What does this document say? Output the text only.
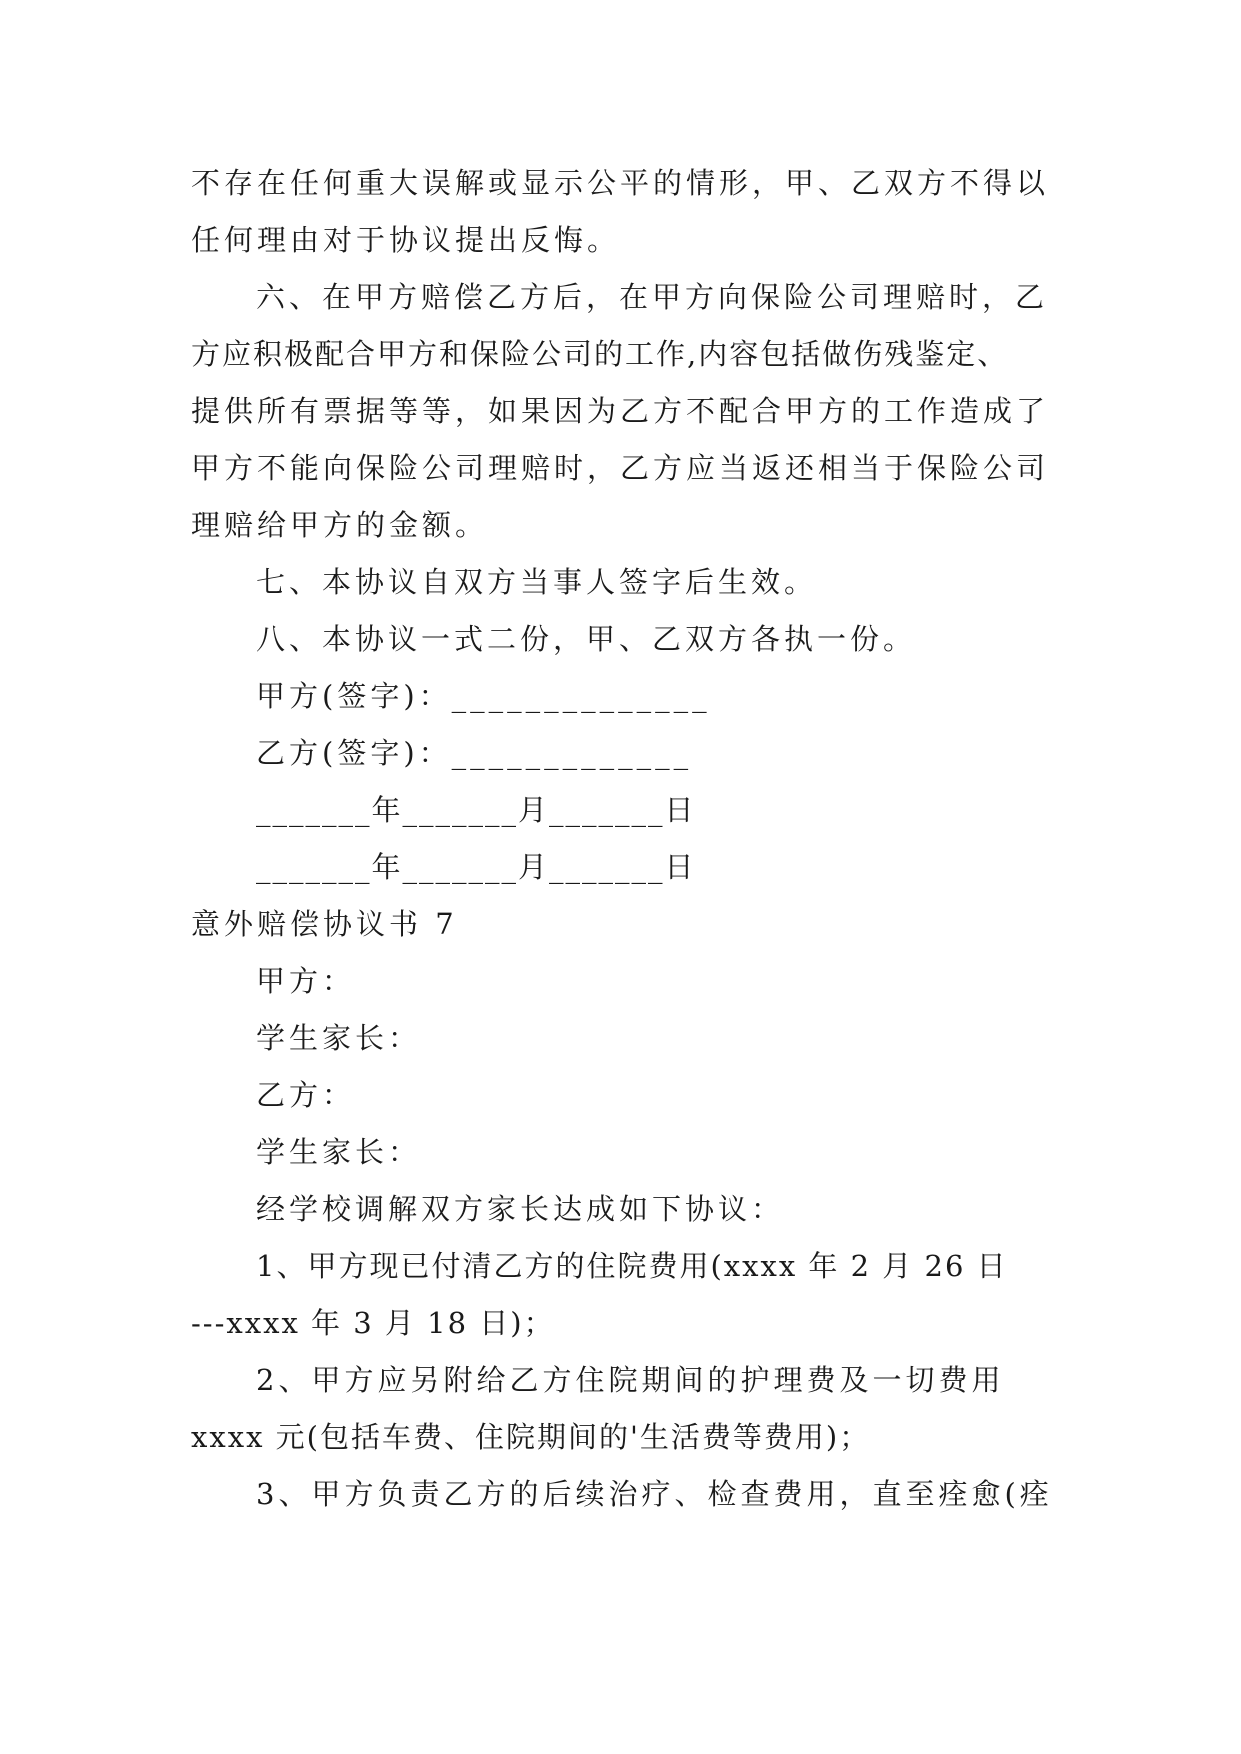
不存在任何重大误解或显示公平的情形，甲、乙双方不得以
任何理由对于协议提出反悔。
六、在甲方赔偿乙方后，在甲方向保险公司理赔时，乙
方应积极配合甲方和保险公司的工作,内容包括做伤残鉴定、
提供所有票据等等，如果因为乙方不配合甲方的工作造成了
甲方不能向保险公司理赔时，乙方应当返还相当于保险公司
理赔给甲方的金额。
七、本协议自双方当事人签字后生效。
八、本协议一式二份，甲、乙双方各执一份。
甲方(签字)：______________
乙方(签字)：_____________
_______年_______月_______日
_______年_______月_______日
意外赔偿协议书 7
甲方：
学生家长：
乙方：
学生家长：
经学校调解双方家长达成如下协议：
1、甲方现已付清乙方的住院费用(xxxx 年 2 月 26 日
---xxxx 年 3 月 18 日)；
2、甲方应另附给乙方住院期间的护理费及一切费用
xxxx 元(包括车费、住院期间的'生活费等费用)；
3、甲方负责乙方的后续治疗、检查费用，直至痊愈(痊
